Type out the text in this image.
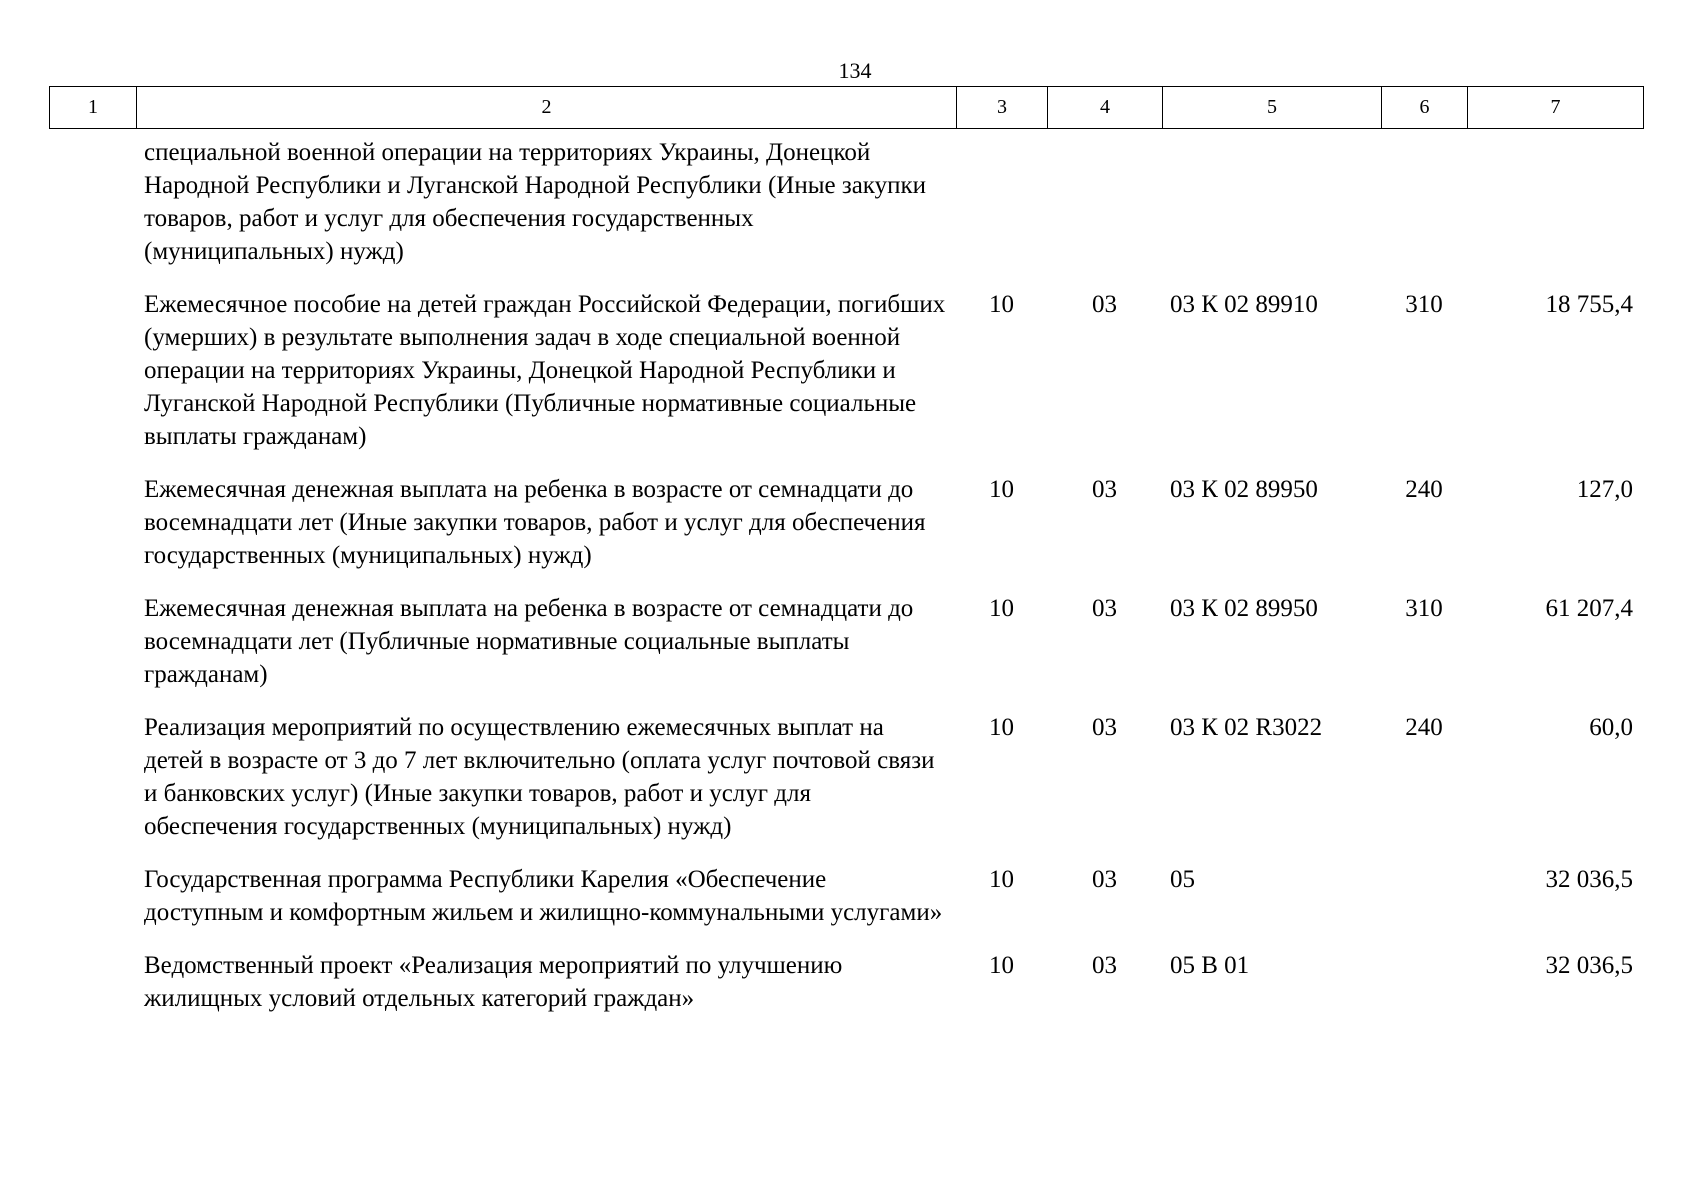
134
1	2	3	4	5	6	7
	специальной военной операции на территориях Украины, Донецкой Народной Республики и Луганской Народной Республики (Иные закупки товаров, работ и услуг для обеспечения государственных (муниципальных) нужд)					
	Ежемесячное пособие на детей граждан Российской Федерации, погибших (умерших) в результате выполнения задач в ходе специальной военной операции на территориях Украины, Донецкой Народной Республики и Луганской Народной Республики (Публичные нормативные социальные выплаты гражданам)	10	03	03 К 02 89910	310	18 755,4
	Ежемесячная денежная выплата на ребенка в возрасте от семнадцати до восемнадцати лет (Иные закупки товаров, работ и услуг для обеспечения государственных (муниципальных) нужд)	10	03	03 К 02 89950	240	127,0
	Ежемесячная денежная выплата на ребенка в возрасте от семнадцати до восемнадцати лет (Публичные нормативные социальные выплаты гражданам)	10	03	03 К 02 89950	310	61 207,4
	Реализация мероприятий по осуществлению ежемесячных выплат на детей в возрасте от 3 до 7 лет включительно (оплата услуг почтовой связи и банковских услуг) (Иные закупки товаров, работ и услуг для обеспечения государственных (муниципальных) нужд)	10	03	03 К 02 R3022	240	60,0
	Государственная программа Республики Карелия «Обеспечение доступным и комфортным жильем и жилищно-коммунальными услугами»	10	03	05		32 036,5
	Ведомственный проект «Реализация мероприятий по улучшению жилищных условий отдельных категорий граждан»	10	03	05 В 01		32 036,5
